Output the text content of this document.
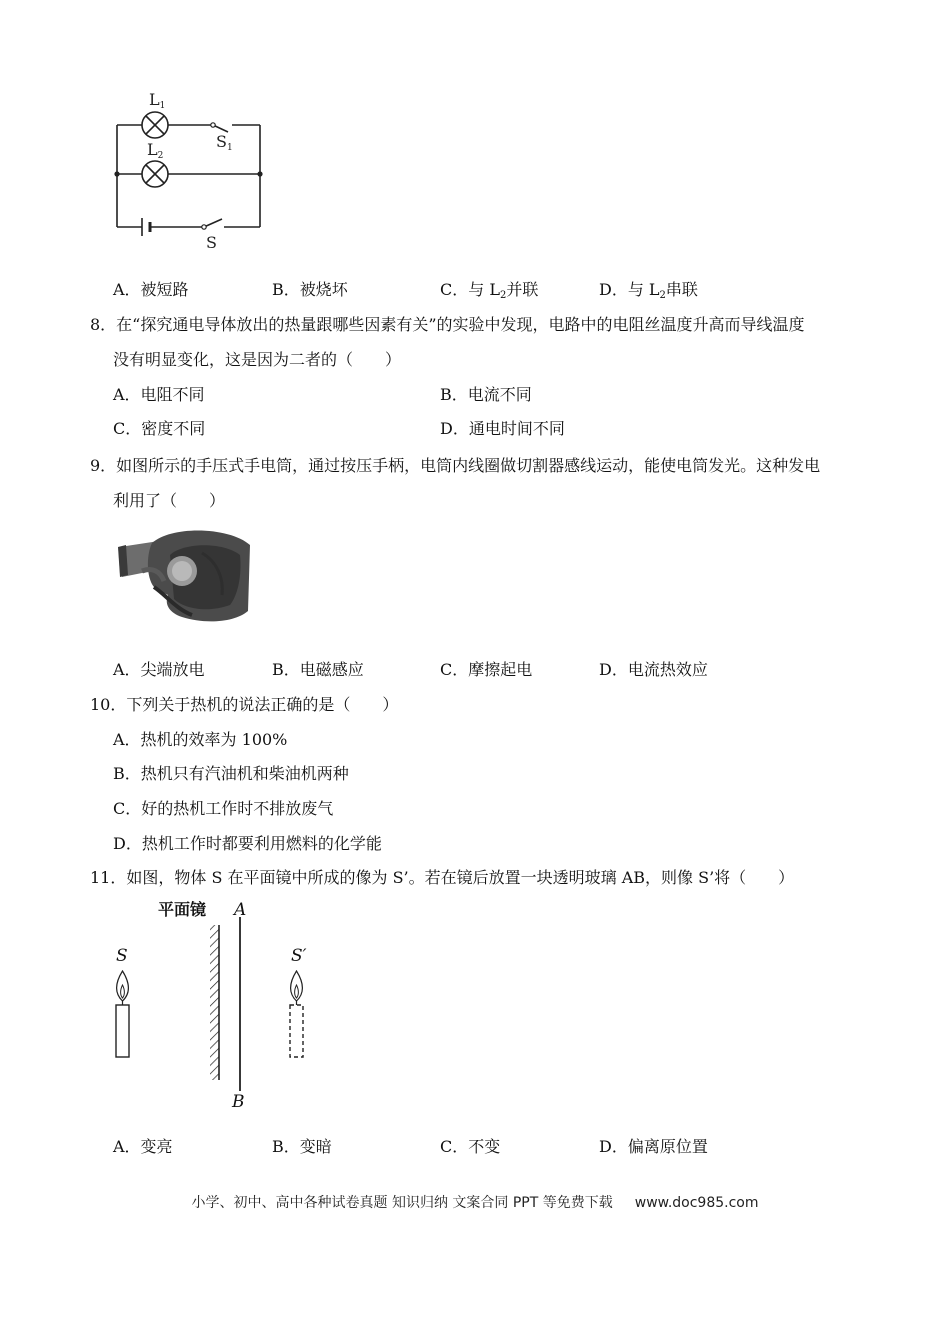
L1
L2
S1
S
A．被短路	B．被烧坏	C．与 $L_2$并联	D．与 $L_2$串联
8．在“探究通电导体放出的热量跟哪些因素有关”的实验中发现，电路中的电阻丝温度升高而导线温度
没有明显变化，这是因为二者的（　　）
A．电阻不同	B．电流不同
C．密度不同	D．通电时间不同
9．如图所示的手压式手电筒，通过按压手柄，电筒内线圈做切割器感线运动，能使电筒发光。这种发电
利用了（　　）
A．尖端放电	B．电磁感应	C．摩擦起电	D．电流热效应
10．下列关于热机的说法正确的是（　　）
A．热机的效率为 100%
B．热机只有汽油机和柴油机两种
C．好的热机工作时不排放废气
D．热机工作时都要利用燃料的化学能
11．如图，物体 S 在平面镜中所成的像为 S’。若在镜后放置一块透明玻璃 AB，则像 S’将（　　）
平面镜 A
B
S	S′
A．变亮	B．变暗	C．不变	D．偏离原位置
小学、初中、高中各种试卷真题 知识归纳 文案合同 PPT 等免费下载 www.doc985.com
